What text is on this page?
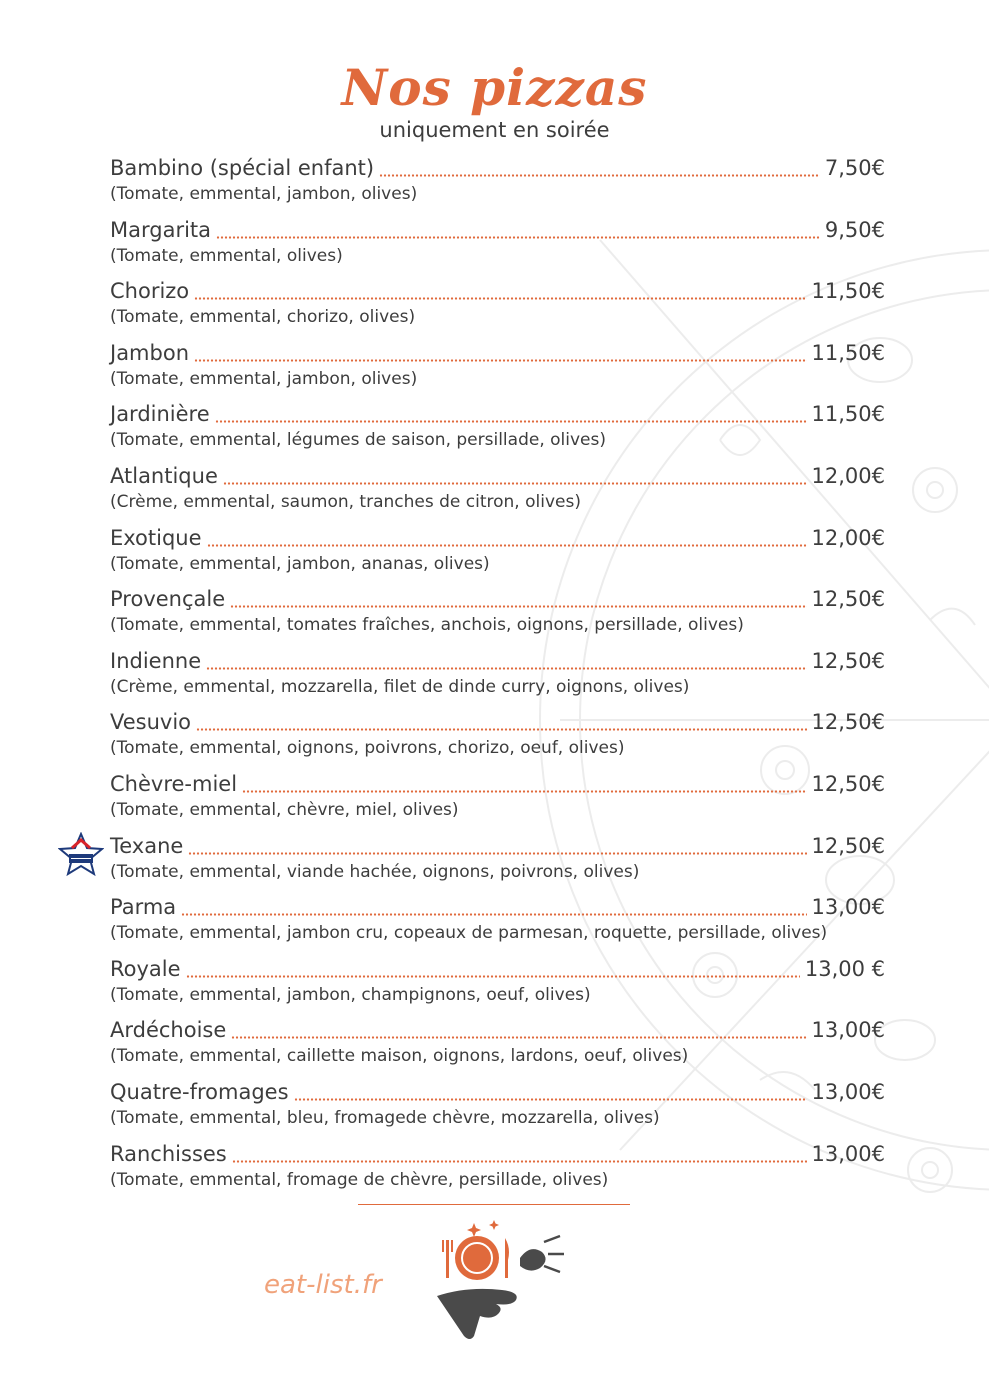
Nos pizzas
uniquement en soirée
Bambino (spécial enfant)	7,50€
(Tomate, emmental, jambon, olives)
Margarita	9,50€
(Tomate, emmental, olives)
Chorizo	11,50€
(Tomate, emmental, chorizo, olives)
Jambon	11,50€
(Tomate, emmental, jambon, olives)
Jardinière	11,50€
(Tomate, emmental, légumes de saison, persillade, olives)
Atlantique	12,00€
(Crème, emmental, saumon, tranches de citron, olives)
Exotique	12,00€
(Tomate, emmental, jambon, ananas, olives)
Provençale	12,50€
(Tomate, emmental, tomates fraîches, anchois, oignons, persillade, olives)
Indienne	12,50€
(Crème, emmental, mozzarella, filet de dinde curry, oignons, olives)
Vesuvio	12,50€
(Tomate, emmental, oignons, poivrons, chorizo, oeuf, olives)
Chèvre-miel	12,50€
(Tomate, emmental, chèvre, miel, olives)
Texane	12,50€
(Tomate, emmental, viande hachée, oignons, poivrons, olives)
Parma	13,00€
(Tomate, emmental, jambon cru, copeaux de parmesan, roquette, persillade, olives)
Royale	13,00 €
(Tomate, emmental, jambon, champignons, oeuf, olives)
Ardéchoise	13,00€
(Tomate, emmental, caillette maison, oignons, lardons, oeuf, olives)
Quatre-fromages	13,00€
(Tomate, emmental, bleu, fromagede chèvre, mozzarella, olives)
Ranchisses	13,00€
(Tomate, emmental, fromage de chèvre, persillade, olives)
eat-list.fr
